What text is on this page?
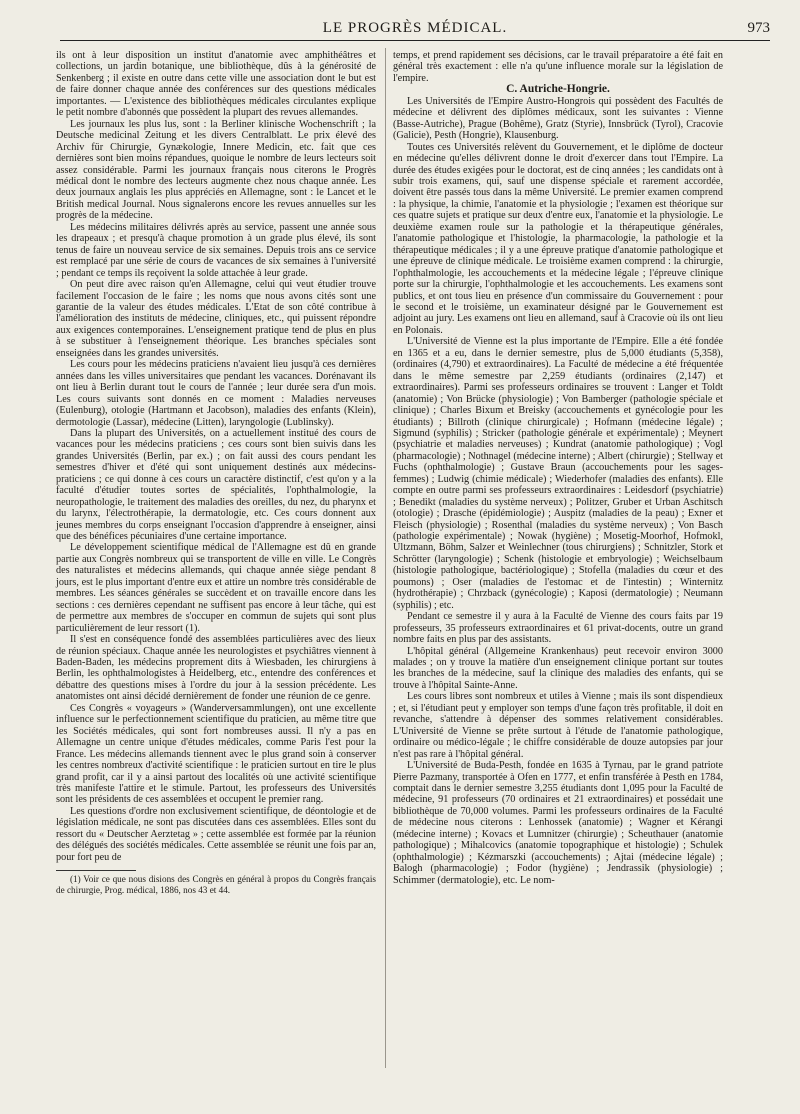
LE PROGRÈS MÉDICAL.	973

ils ont à leur disposition un institut d'anatomie avec amphithéâtres et collections, un jardin botanique, une bibliothèque, dûs à la générosité de Senkenberg ; il existe en outre dans cette ville une association dont le but est de faire donner chaque année des conférences sur des questions médicales importantes. — L'existence des bibliothèques médicales circulantes explique le petit nombre d'abonnés que possèdent la plupart des revues allemandes.

Les journaux les plus lus, sont : la Berliner klinische Wochenschrift ; la Deutsche medicinal Zeitung et les divers Centralblatt. Le prix élevé des Archiv für Chirurgie, Gynækologie, Innere Medicin, etc. fait que ces dernières sont bien moins répandues, quoique le nombre de leurs lecteurs soit assez considérable. Parmi les journaux français nous citerons le Progrès médical dont le nombre des lecteurs augmente chez nous chaque année. Les deux journaux anglais les plus appréciés en Allemagne, sont : le Lancet et le British medical Journal. Nous signalerons encore les revues annuelles sur les progrès de la médecine.

Les médecins militaires délivrés après au service, passent une année sous les drapeaux ; et presqu'à chaque promotion à un grade plus élevé, ils sont tenus de faire un nouveau service de six semaines. Depuis trois ans ce service est remplacé par une série de cours de vacances de six semaines à l'université ; pendant ce temps ils reçoivent la solde attachée à leur grade.

On peut dire avec raison qu'en Allemagne, celui qui veut étudier trouve facilement l'occasion de le faire ; les noms que nous avons cités sont une garantie de la valeur des études médicales. L'Etat de son côté contribue à l'amélioration des instituts de médecine, cliniques, etc., qui puissent répondre aux exigences contemporaines. L'enseignement pratique tend de plus en plus à se substituer à l'enseignement théorique. Les branches spéciales sont enseignées dans les grandes universités.

Les cours pour les médecins praticiens n'avaient lieu jusqu'à ces dernières années dans les villes universitaires que pendant les vacances. Dorénavant ils ont lieu à Berlin durant tout le cours de l'année ; leur durée sera d'un mois. Les cours suivants sont donnés en ce moment : Maladies nerveuses (Eulenburg), otologie (Hartmann et Jacobson), maladies des enfants (Klein), dermotologie (Lassar), médecine (Litten), laryngologie (Lublinsky).

Dans la plupart des Universités, on a actuellement institué des cours de vacances pour les médecins praticiens ; ces cours sont bien suivis dans les grandes Universités (Berlin, par ex.) ; on fait aussi des cours pendant les semestres d'hiver et d'été qui sont uniquement destinés aux médecins-praticiens ; ce qui donne à ces cours un caractère distinctif, c'est qu'on y a la faculté d'étudier toutes sortes de spécialités, l'ophthalmologie, la neuropathologie, le traitement des maladies des oreilles, du nez, du pharynx et du larynx, l'électrothérapie, la dermatologie, etc. Ces cours donnent aux jeunes membres du corps enseignant l'occasion d'apprendre à enseigner, ainsi que des bénéfices pécuniaires d'une certaine importance.

Le développement scientifique médical de l'Allemagne est dû en grande partie aux Congrès nombreux qui se transportent de ville en ville. Le Congrès des naturalistes et médecins allemands, qui chaque année siège pendant 8 jours, est le plus important d'entre eux et attire un nombre très considérable de membres. Les séances générales se succèdent et on travaille encore dans les sections : ces dernières cependant ne suffisent pas encore à leur tâche, qui est de permettre aux membres de s'occuper en commun de sujets qui sont plus particulièrement de leur ressort (1).

Il s'est en conséquence fondé des assemblées particulières avec des lieux de réunion spéciaux. Chaque année les neurologistes et psychiâtres viennent à Baden-Baden, les médecins proprement dits à Wiesbaden, les chirurgiens à Berlin, les ophthalmologistes à Heidelberg, etc., entendre des conférences et débattre des questions mises à l'ordre du jour à la session précédente. Les anatomistes ont ainsi décidé dernièrement de fonder une réunion de ce genre.

Ces Congrès « voyageurs » (Wanderversammlungen), ont une excellente influence sur le perfectionnement scientifique du praticien, au même titre que les Sociétés médicales, qui sont fort nombreuses aussi. Il n'y a pas en Allemagne un centre unique d'études médicales, comme Paris l'est pour la France. Les médecins allemands tiennent avec le plus grand soin à conserver les centres nombreux d'activité scientifique : le praticien surtout en tire le plus grand profit, car il y a ainsi partout des localités où une activité scientifique très manifeste l'attire et le stimule. Partout, les professeurs des Universités sont les présidents de ces assemblées et occupent le premier rang.

Les questions d'ordre non exclusivement scientifique, de déontologie et de législation médicale, ne sont pas discutées dans ces assemblées. Elles sont du ressort du « Deutscher Aerztetag » ; cette assemblée est formée par la réunion des délégués des sociétés médicales. Cette assemblée se réunit une fois par an, pour fort peu de

(1) Voir ce que nous disions des Congrès en général à propos du Congrès français de chirurgie, Prog. médical, 1886, nos 43 et 44.

temps, et prend rapidement ses décisions, car le travail préparatoire a été fait en général très exactement : elle n'a qu'une influence morale sur la législation de l'empire.

C. Autriche-Hongrie.

Les Universités de l'Empire Austro-Hongrois qui possèdent des Facultés de médecine et délivrent des diplômes médicaux, sont les suivantes : Vienne (Basse-Autriche), Prague (Bohême), Gratz (Styrie), Innsbrück (Tyrol), Cracovie (Galicie), Pesth (Hongrie), Klausenburg.

Toutes ces Universités relèvent du Gouvernement, et le diplôme de docteur en médecine qu'elles délivrent donne le droit d'exercer dans tout l'Empire. La durée des études exigées pour le doctorat, est de cinq années ; les candidats ont à subir trois examens, qui, sauf une dispense spéciale et rarement accordée, doivent être passés tous dans la même Université. Le premier examen comprend : la physique, la chimie, l'anatomie et la physiologie ; l'examen est théorique sur ces quatre sujets et pratique sur deux d'entre eux, l'anatomie et la physiologie. Le deuxième examen roule sur la pathologie et la thérapeutique générales, l'anatomie pathologique et l'histologie, la pharmacologie, la pathologie et la thérapeutique médicales ; il y a une épreuve pratique d'anatomie pathologique et une épreuve de clinique médicale. Le troisième examen comprend : la chirurgie, l'ophthalmologie, les accouchements et la médecine légale ; l'épreuve clinique porte sur la chirurgie, l'ophthalmologie et les accouchements. Les examens sont publics, et ont tous lieu en présence d'un commissaire du Gouvernement : pour le second et le troisième, un examinateur désigné par le Gouvernement est adjoint au jury. Les examens ont lieu en allemand, sauf à Cracovie où ils ont lieu en Polonais.

L'Université de Vienne est la plus importante de l'Empire. Elle a été fondée en 1365 et a eu, dans le dernier semestre, plus de 5,000 étudiants (5,358), (ordinaires (4,790) et extraordinaires). La Faculté de médecine a été fréquentée dans le même semestre par 2,259 étudiants (ordinaires (2,147) et extraordinaires). Parmi ses professeurs ordinaires se trouvent : Langer et Toldt (anatomie) ; Von Brücke (physiologie) ; Von Bamberger (pathologie spéciale et clinique) ; Charles Bixum et Breisky (accouchements et gynécologie pour les étudiants) ; Billroth (clinique chirurgicale) ; Hofmann (médecine légale) ; Sigmund (syphilis) ; Stricker (pathologie générale et expérimentale) ; Meynert (psychiatrie et maladies nerveuses) ; Kundrat (anatomie pathologique) ; Vogl (pharmacologie) ; Nothnagel (médecine interne) ; Albert (chirurgie) ; Stellway et Fuchs (ophthalmologie) ; Gustave Braun (accouchements pour les sages-femmes) ; Ludwig (chimie médicale) ; Wiederhofer (maladies des enfants). Elle compte en outre parmi ses professeurs extraordinaires : Leidesdorf (psychiatrie) ; Benedikt (maladies du système nerveux) ; Politzer, Gruber et Urban Aschitsch (otologie) ; Drasche (épidémiologie) ; Auspitz (maladies de la peau) ; Exner et Fleisch (physiologie) ; Rosenthal (maladies du système nerveux) ; Von Basch (pathologie expérimentale) ; Nowak (hygiène) ; Mosetig-Moorhof, Hofmokl, Ultzmann, Böhm, Salzer et Weinlechner (tous chirurgiens) ; Schnitzler, Stork et Schrötter (laryngologie) ; Schenk (histologie et embryologie) ; Weichselbaum (histologie pathologique, bactériologique) ; Stofella (maladies du cœur et des poumons) ; Oser (maladies de l'estomac et de l'intestin) ; Winternitz (hydrothérapie) ; Chrzback (gynécologie) ; Kaposi (dermatologie) ; Neumann (syphilis) ; etc.

Pendant ce semestre il y aura à la Faculté de Vienne des cours faits par 19 professeurs, 35 professeurs extraordinaires et 61 privat-docents, outre un grand nombre faits en plus par des assistants.

L'hôpital général (Allgemeine Krankenhaus) peut recevoir environ 3000 malades ; on y trouve la matière d'un enseignement clinique portant sur toutes les branches de la médecine, sauf la clinique des maladies des enfants, qui se trouve à l'hôpital Sainte-Anne.

Les cours libres sont nombreux et utiles à Vienne ; mais ils sont dispendieux ; et, si l'étudiant peut y employer son temps d'une façon très profitable, il doit en revanche, s'attendre à dépenser des sommes relativement considérables. L'Université de Vienne se prête surtout à l'étude de l'anatomie pathologique, ordinaire ou médico-légale ; le chiffre considérable de douze autopsies par jour n'est pas rare à l'hôpital général.

L'Université de Buda-Pesth, fondée en 1635 à Tyrnau, par le grand patriote Pierre Pazmany, transportée à Ofen en 1777, et enfin transférée à Pesth en 1784, comptait dans le dernier semestre 3,255 étudiants dont 1,095 pour la Faculté de médecine, 91 professeurs (70 ordinaires et 21 extraordinaires) et possédait une bibliothèque de 70,000 volumes. Parmi les professeurs ordinaires de la Faculté de médecine nous citerons : Lenhossek (anatomie) ; Wagner et Kérangi (médecine interne) ; Kovacs et Lumnitzer (chirurgie) ; Scheuthauer (anatomie pathologique) ; Mihalcovics (anatomie topographique et histologie) ; Schulek (ophthalmologie) ; Kézmarszki (accouchements) ; Ajtai (médecine légale) ; Balogh (pharmacologie) ; Fodor (hygiène) ; Jendrassik (physiologie) ; Schimmer (dermatologie), etc. Le nom-
